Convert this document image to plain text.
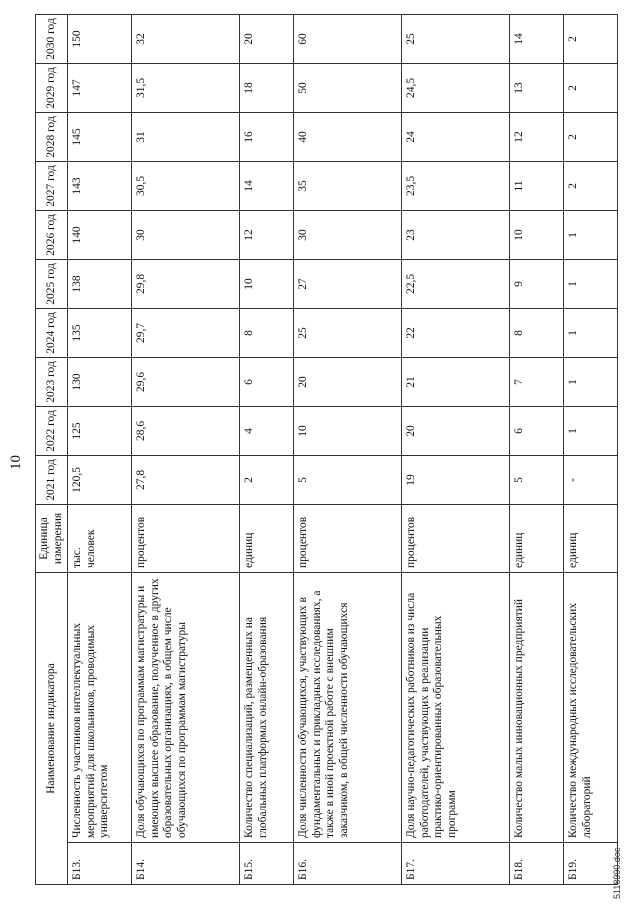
10
Наименование индикатора		Единица измерения	2021 год	2022 год	2023 год	2024 год	2025 год	2026 год	2027 год	2028 год	2029 год	2030 год
Б13.	Численность участников интеллектуальных мероприятий для школьников, проводимых университетом	тыс. человек	120,5	125	130	135	138	140	143	145	147	150
Б14.	Доля обучающихся по программам магистратуры и имеющих высшее образование, полученное в других образовательных организациях, в общем числе обучающихся по программам магистратуры	процентов	27,8	28,6	29,6	29,7	29,8	30	30,5	31	31,5	32
Б15.	Количество специализаций, размещенных на глобальных платформах онлайн-образования	единиц	2	4	6	8	10	12	14	16	18	20
Б16.	Доля численности обучающихся, участвующих в фундаментальных и прикладных исследованиях, а также в иной проектной работе с внешним заказчиком, в общей численности обучающихся	процентов	5	10	20	25	27	30	35	40	50	60
Б17.	Доля научно-педагогических работников из числа работодателей, участвующих в реализации практико-ориентированных образовательных программ	процентов	19	20	21	22	22,5	23	23,5	24	24,5	25
Б18.	Количество малых инновационных предприятий	единиц	5	6	7	8	9	10	11	12	13	14
Б19.	Количество международных исследовательских лабораторий	единиц	-	1	1	1	1	1	2	2	2	2
5118990.doc
